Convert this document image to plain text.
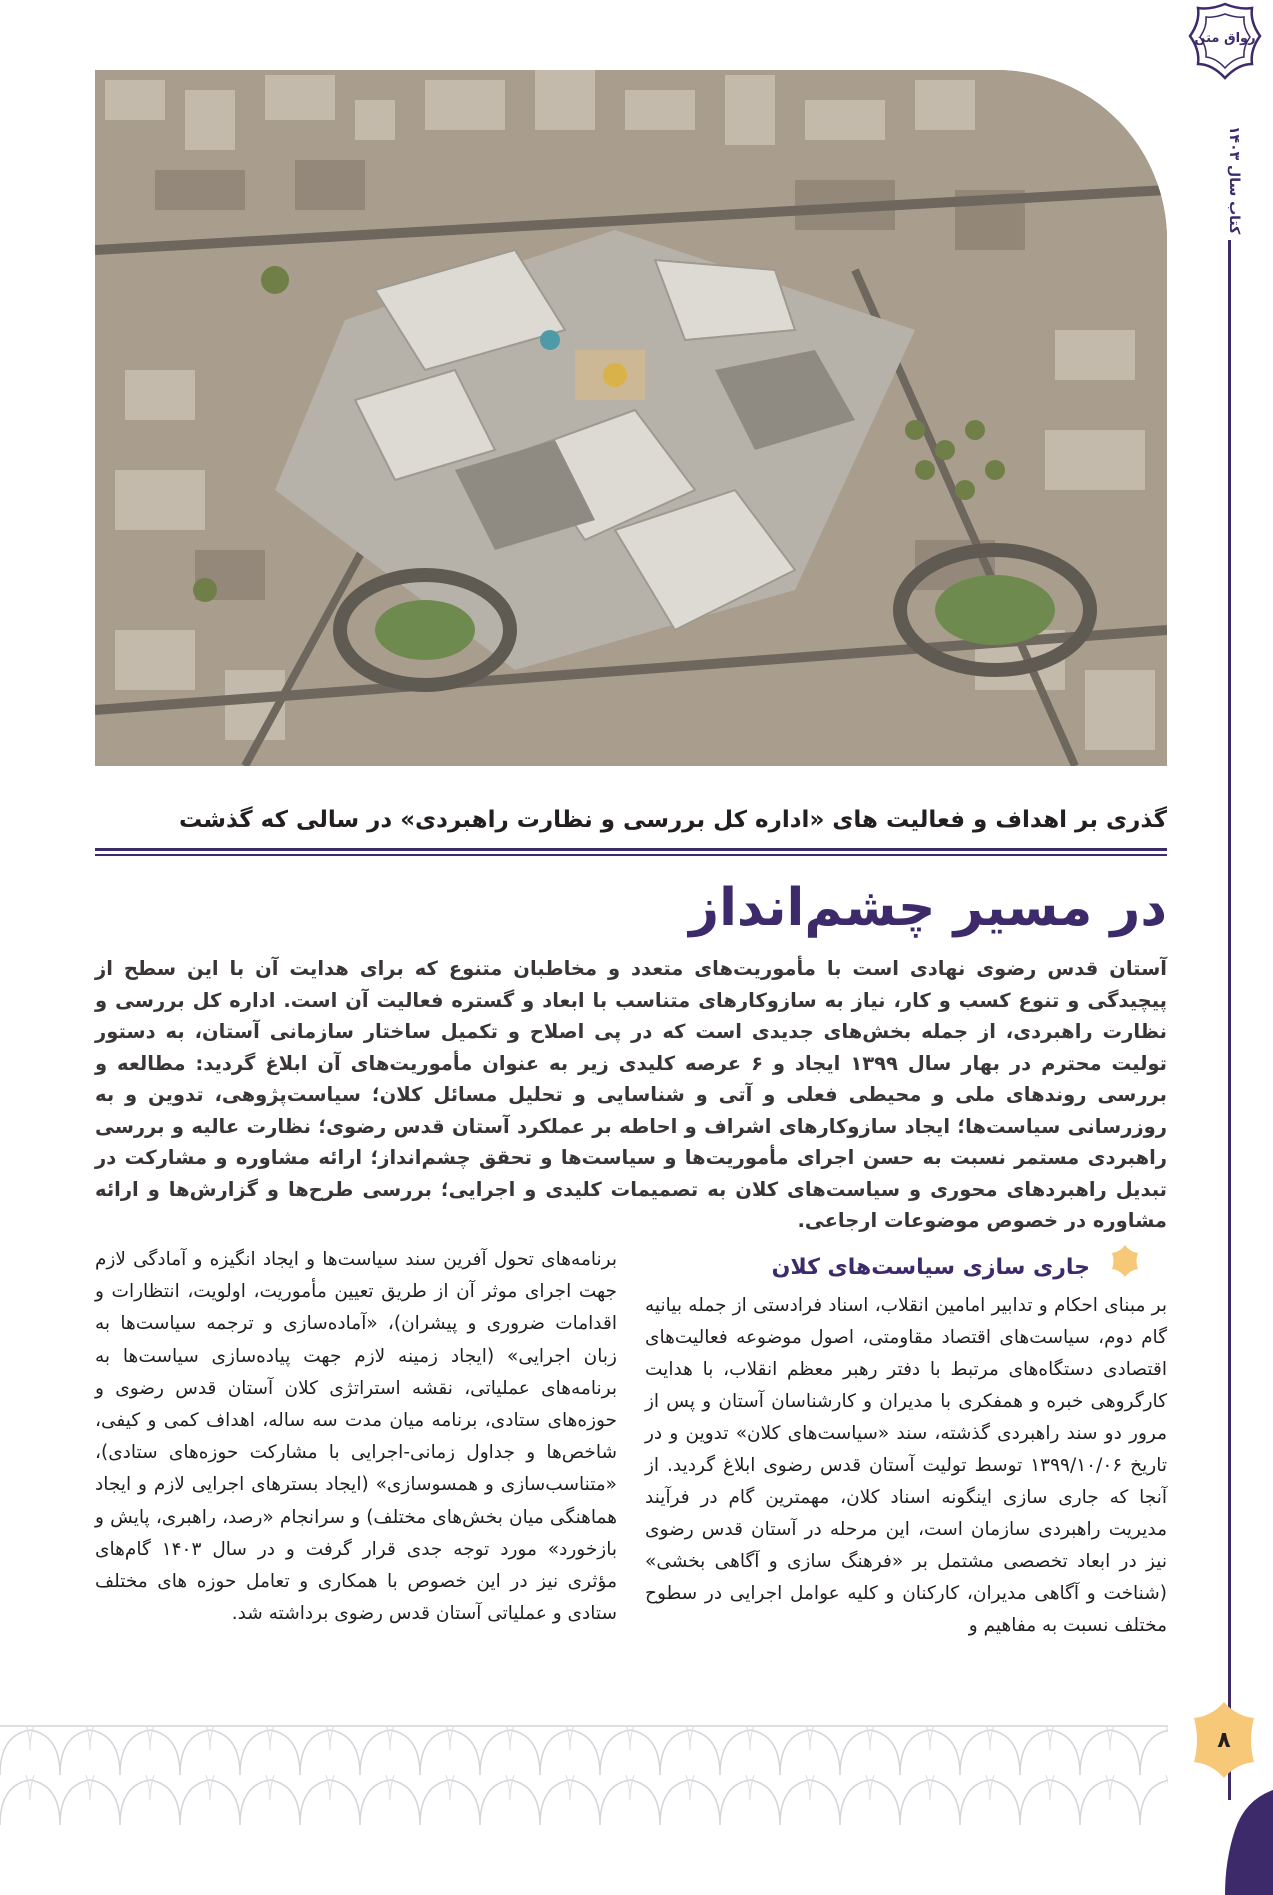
رواق متن
کتاب سال ۱۴۰۳
گذری بر اهداف و فعالیت های «اداره کل بررسی و نظارت راهبردی» در سالی که گذشت
در مسیر چشم‌انداز
آستان قدس رضوی نهادی است با مأموریت‌های متعدد و مخاطبان متنوع که برای هدایت آن با این سطح از پیچیدگی و تنوع کسب و کار، نیاز به سازوکارهای متناسب با ابعاد و گستره فعالیت آن است. اداره کل بررسی و نظارت راهبردی، از جمله بخش‌های جدیدی است که در پی اصلاح و تکمیل ساختار سازمانی آستان، به دستور تولیت محترم در بهار سال ۱۳۹۹ ایجاد و ۶ عرصه کلیدی زیر به عنوان مأموریت‌های آن ابلاغ گردید: مطالعه و بررسی روندهای ملی و محیطی فعلی و آتی و شناسایی و تحلیل مسائل کلان؛ سیاست‌پژوهی، تدوین و به روزرسانی سیاست‌ها؛ ایجاد سازوکارهای اشراف و احاطه بر عملکرد آستان قدس رضوی؛ نظارت عالیه و بررسی راهبردی مستمر نسبت به حسن اجرای مأموریت‌ها و سیاست‌ها و تحقق چشم‌انداز؛ ارائه مشاوره و مشارکت در تبدیل راهبردهای محوری و سیاست‌های کلان به تصمیمات کلیدی و اجرایی؛ بررسی طرح‌ها و گزارش‌ها و ارائه مشاوره در خصوص موضوعات ارجاعی.
جاری سازی سیاست‌های کلان
بر مبنای احکام و تدابیر امامین انقلاب، اسناد فرادستی از جمله بیانیه گام دوم، سیاست‌های اقتصاد مقاومتی، اصول موضوعه فعالیت‌های اقتصادی دستگاه‌های مرتبط با دفتر رهبر معظم انقلاب، با هدایت کارگروهی خبره و همفکری با مدیران و کارشناسان آستان و پس از مرور دو سند راهبردی گذشته، سند «سیاست‌های کلان» تدوین و در تاریخ ۱۳۹۹/۱۰/۰۶ توسط تولیت آستان قدس رضوی ابلاغ گردید. از آنجا که جاری سازی اینگونه اسناد کلان، مهمترین گام در فرآیند مدیریت راهبردی سازمان است، این مرحله در آستان قدس رضوی نیز در ابعاد تخصصی مشتمل بر «فرهنگ سازی و آگاهی بخشی» (شناخت و آگاهی مدیران، کارکنان و کلیه عوامل اجرایی در سطوح مختلف نسبت به مفاهیم و
برنامه‌های تحول آفرین سند سیاست‌ها و ایجاد انگیزه و آمادگی لازم جهت اجرای موثر آن از طریق تعیین مأموریت، اولویت، انتظارات و اقدامات ضروری و پیشران)، «آماده‌سازی و ترجمه سیاست‌ها به زبان اجرایی» (ایجاد زمینه لازم جهت پیاده‌سازی سیاست‌ها به برنامه‌های عملیاتی، نقشه استراتژی کلان آستان قدس رضوی و حوزه‌های ستادی، برنامه میان مدت سه ساله، اهداف کمی و کیفی، شاخص‌ها و جداول زمانی-اجرایی با مشارکت حوزه‌های ستادی)، «متناسب‌سازی و همسوسازی» (ایجاد بسترهای اجرایی لازم و ایجاد هماهنگی میان بخش‌های مختلف) و سرانجام «رصد، راهبری، پایش و بازخورد» مورد توجه جدی قرار گرفت و در سال ۱۴۰۳ گام‌های مؤثری نیز در این خصوص با همکاری و تعامل حوزه های مختلف ستادی و عملیاتی آستان قدس رضوی برداشته شد.
۸
